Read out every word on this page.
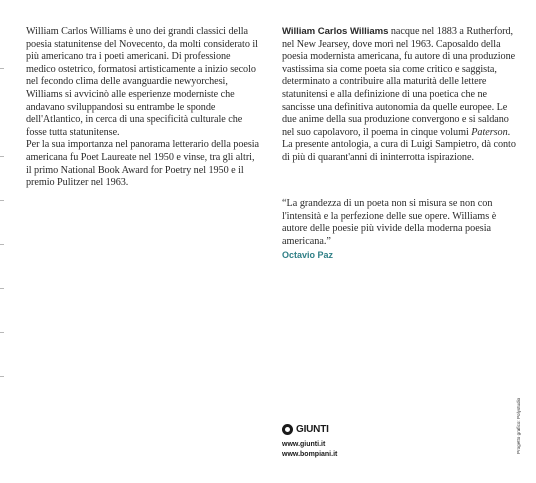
William Carlos Williams è uno dei grandi classici della poesia statunitense del Novecento, da molti considerato il più americano tra i poeti americani. Di professione medico ostetrico, formatosi artisticamente a inizio secolo nel fecondo clima delle avanguardie newyorchesi, Williams si avvicinò alle esperienze moderniste che andavano sviluppandosi su entrambe le sponde dell'Atlantico, in cerca di una specificità culturale che fosse tutta statunitense.

Per la sua importanza nel panorama letterario della poesia americana fu Poet Laureate nel 1950 e vinse, tra gli altri, il primo National Book Award for Poetry nel 1950 e il premio Pulitzer nel 1963.

William Carlos Williams nacque nel 1883 a Rutherford, nel New Jearsey, dove morì nel 1963. Caposaldo della poesia modernista americana, fu autore di una produzione vastissima sia come poeta sia come critico e saggista, determinato a contribuire alla maturità delle lettere statunitensi e alla definizione di una poetica che ne sancisse una definitiva autonomia da quelle europee. Le due anime della sua produzione convergono e si saldano nel suo capolavoro, il poema in cinque volumi Paterson. La presente antologia, a cura di Luigi Sampietro, dà conto di più di quarant'anni di ininterrotta ispirazione.

“La grandezza di un poeta non si misura se non con l'intensità e la perfezione delle sue opere. Williams è autore delle poesie più vivide della moderna poesia americana.”

Octavio Paz
GIUNTI
www.giunti.it
www.bompiani.it
Progetto grafico: Polystudio
